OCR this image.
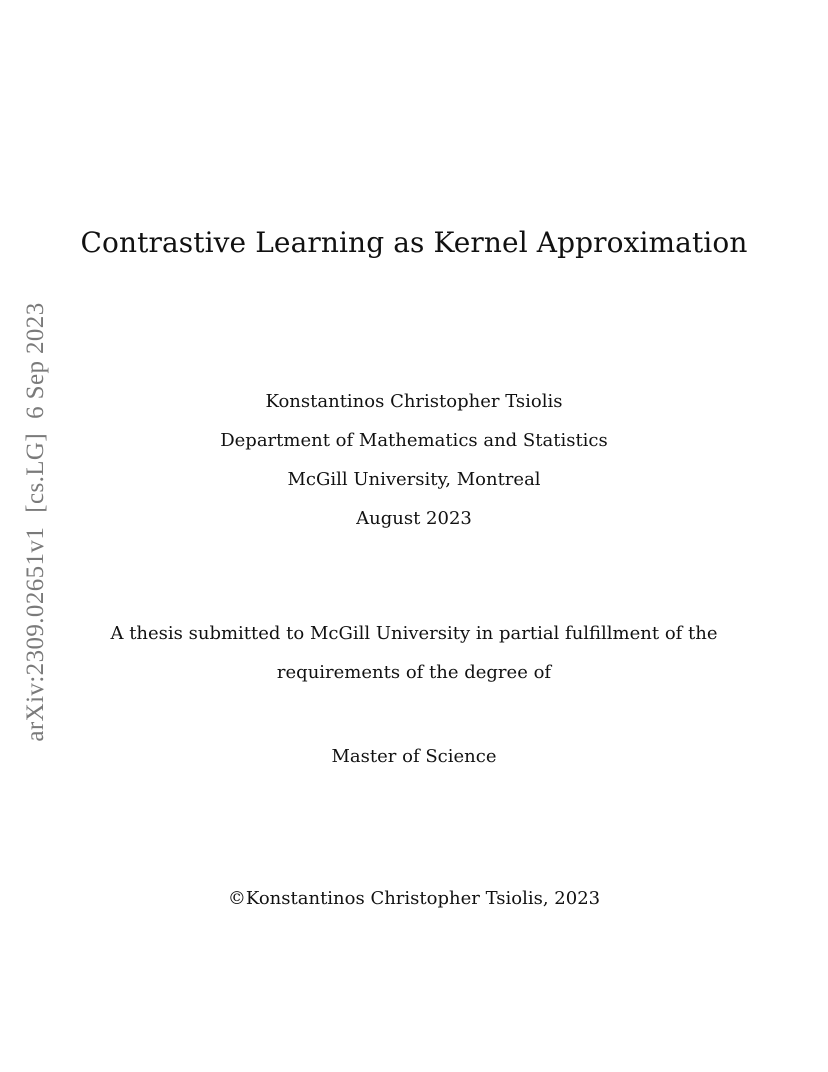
arXiv:2309.02651v1[cs.LG]6 Sep 2023
Contrastive Learning as Kernel Approximation
Konstantinos Christopher Tsiolis
Department of Mathematics and Statistics
McGill University, Montreal
August 2023
A thesis submitted to McGill University in partial fulfillment of the
requirements of the degree of
Master of Science
©Konstantinos Christopher Tsiolis, 2023
